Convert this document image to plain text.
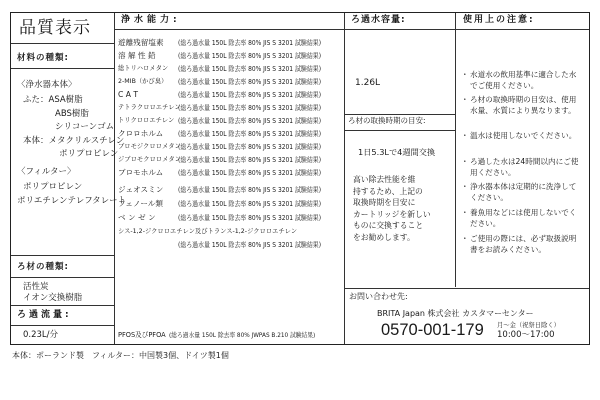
品質表示
材料の種類:
〈浄水器本体〉
ふた：ASA樹脂
ABS樹脂
シリコーンゴム
本体：メタクリルスチレン
ポリプロピレン
〈フィルター〉
ポリプロピレン
ポリエチレンテレフタレート
ろ材の種類:
活性炭
イオン交換樹脂
ろ過流量:
0.23L/分
浄水能力:
遊離残留塩素 (総ろ過水量 150L 除去率 80% JIS S 3201 試験結果)
溶 解 性 鉛	(総ろ過水量 150L 除去率 80% JIS S 3201 試験結果)
総トリハロメタン (総ろ過水量 150L 除去率 80% JIS S 3201 試験結果)
2-MIB（かび臭） (総ろ過水量 150L 除去率 80% JIS S 3201 試験結果)
C A T	(総ろ過水量 150L 除去率 80% JIS S 3201 試験結果)
テトラクロロエチレン
(総ろ過水量 150L 除去率 80% JIS S 3201 試験結果)
トリクロロエチレン (総ろ過水量 150L 除去率 80% JIS S 3201 試験結果)
クロロホルム (総ろ過水量 150L 除去率 80% JIS S 3201 試験結果)
ブロモジクロロメタン
(総ろ過水量 150L 除去率 80% JIS S 3201 試験結果)
ジブロモクロロメタン
(総ろ過水量 150L 除去率 80% JIS S 3201 試験結果)
ブロモホルム (総ろ過水量 150L 除去率 80% JIS S 3201 試験結果)
ジェオスミン (総ろ過水量 150L 除去率 80% JIS S 3201 試験結果)
フェノール類 (総ろ過水量 150L 除去率 80% JIS S 3201 試験結果)
ベ ン ゼ ン	(総ろ過水量 150L 除去率 80% JIS S 3201 試験結果)
シス-1,2-ジクロロエチレン及びトランス-1,2-ジクロロエチレン
(総ろ過水量 150L 除去率 80% JIS S 3201 試験結果)
PFOS及びPFOA (総ろ過水量 150L 除去率 80% JWPAS B.210 試験結果)
ろ過水容量:
1.26L
ろ材の取換時期の目安:
1日5.3Lで4週間交換
高い除去性能を維
持するため、上記の
取換時期を目安に
カートリッジを新しい
ものに交換すること
をお勧めします。
使用上の注意:
・ 水道水の飲用基準に適合した水でご使用ください。
・ ろ材の取換時期の目安は、使用水量、水質により異なります。
・ 温水は使用しないでください。
・ ろ過した水は24時間以内にご使用ください。
・ 浄水器本体は定期的に洗浄してください。
・ 養魚用などには使用しないでください。
・ ご使用の際には、必ず取扱説明書をお読みください。
お問い合わせ先:
BRITA Japan 株式会社 カスタマーセンター
0570-001-179 月～金（祝祭日除く）
10:00～17:00
本体：ポーランド製　フィルター：中国製3個、ドイツ製1個
